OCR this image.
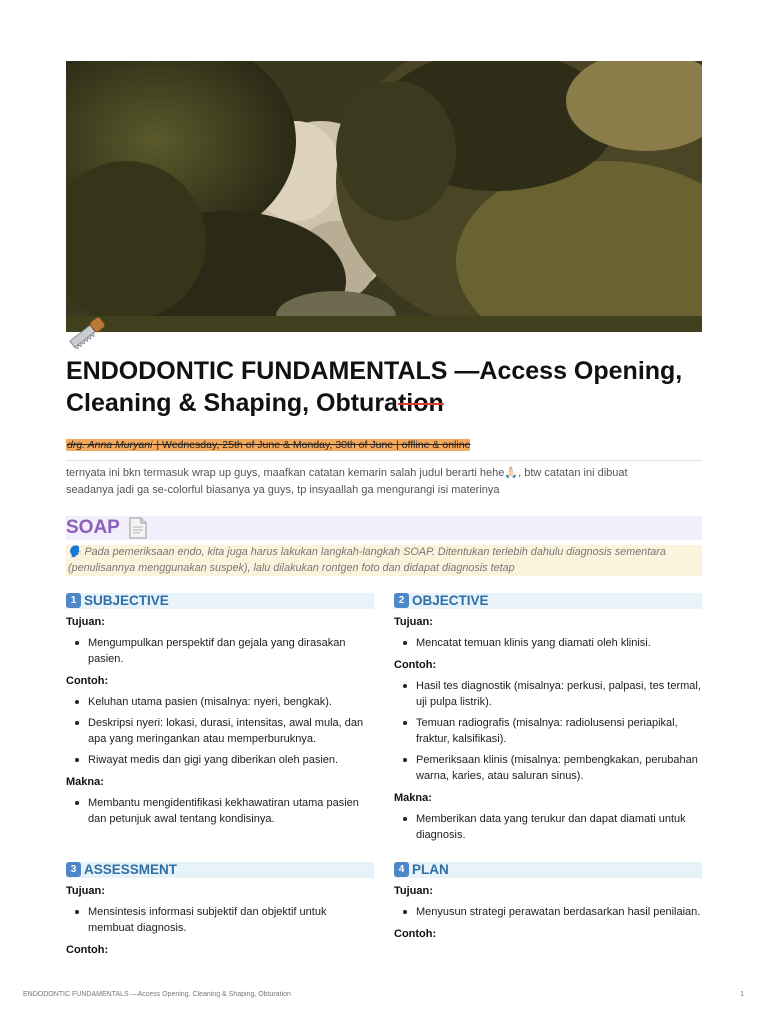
ENDODONTIC FUNDAMENTALS —Access Opening, Cleaning & Shaping, Obturation
drg. Anna Muryani | Wednesday, 25th of June & Monday, 30th of June | offline & online
ternyata ini bkn termasuk wrap up guys, maafkan catatan kemarin salah judul berarti hehe🙏🏻, btw catatan ini dibuat
seadanya jadi ga se-colorful biasanya ya guys, tp insyaallah ga mengurangi isi materinya
SOAP
🗣️ Pada pemeriksaan endo, kita juga harus lakukan langkah-langkah SOAP. Ditentukan terlebih dahulu diagnosis sementara (penulisannya menggunakan suspek), lalu dilakukan rontgen foto dan didapat diagnosis tetap
1 SUBJECTIVE

Tujuan:

Mengumpulkan perspektif dan gejala yang dirasakan pasien.

Contoh:

Keluhan utama pasien (misalnya: nyeri, bengkak).
Deskripsi nyeri: lokasi, durasi, intensitas, awal mula, dan apa yang meringankan atau memperburuknya.
Riwayat medis dan gigi yang diberikan oleh pasien.

Makna:

Membantu mengidentifikasi kekhawatiran utama pasien dan petunjuk awal tentang kondisinya.
2 OBJECTIVE

Tujuan:

Mencatat temuan klinis yang diamati oleh klinisi.

Contoh:

Hasil tes diagnostik (misalnya: perkusi, palpasi, tes termal, uji pulpa listrik).
Temuan radiografis (misalnya: radiolusensi periapikal, fraktur, kalsifikasi).
Pemeriksaan klinis (misalnya: pembengkakan, perubahan warna, karies, atau saluran sinus).

Makna:

Memberikan data yang terukur dan dapat diamati untuk diagnosis.
3 ASSESSMENT

Tujuan:

Mensintesis informasi subjektif dan objektif untuk membuat diagnosis.

Contoh:

4 PLAN

Tujuan:

Menyusun strategi perawatan berdasarkan hasil penilaian.

Contoh:

ENDODONTIC FUNDAMENTALS —Access Opening, Cleaning & Shaping, Obturation	1
